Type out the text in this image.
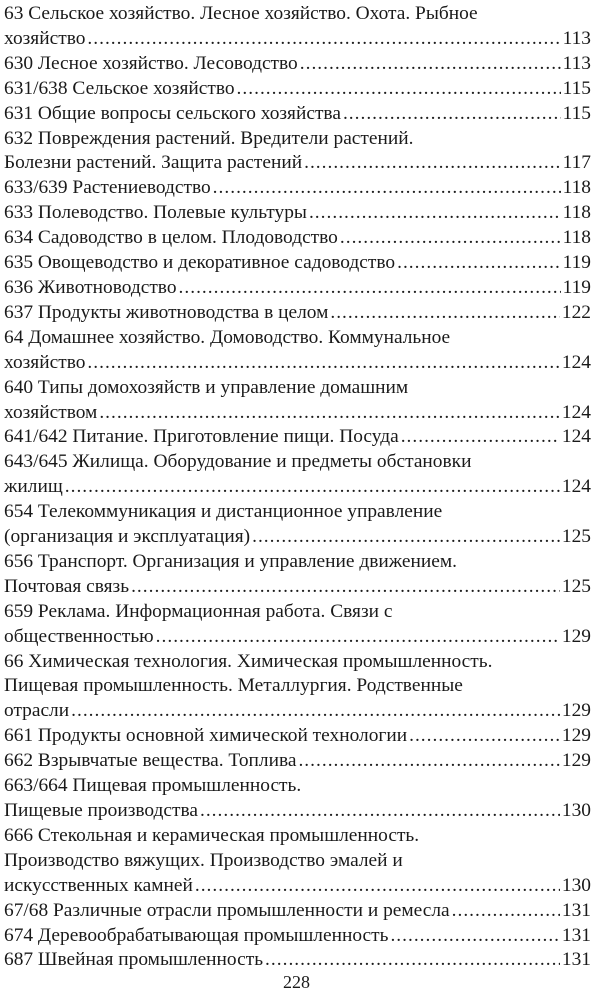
63 Сельское хозяйство. Лесное хозяйство. Охота. Рыбное
хозяйство .....	113
630 Лесное хозяйство. Лесоводство .....	113
631/638 Сельское хозяйство .....	115
631 Общие вопросы сельского хозяйства .....	115
632 Повреждения растений. Вредители растений.
Болезни растений. Защита растений .....	117
633/639 Растениеводство .....	118
633 Полеводство. Полевые культуры .....	118
634 Садоводство в целом. Плодоводство .....	118
635 Овощеводство и декоративное садоводство .....	119
636 Животноводство .....	119
637 Продукты животноводства в целом .....	122
64 Домашнее хозяйство. Домоводство. Коммунальное
хозяйство .....	124
640 Типы домохозяйств и управление домашним
хозяйством .....	124
641/642 Питание. Приготовление пищи. Посуда .....	124
643/645 Жилища. Оборудование и предметы обстановки
жилищ .....	124
654 Телекоммуникация и дистанционное управление
(организация и эксплуатация) .....	125
656 Транспорт. Организация и управление движением.
Почтовая связь .....	125
659 Реклама. Информационная работа. Связи с
общественностью .....	129
66 Химическая технология. Химическая промышленность.
Пищевая промышленность. Металлургия. Родственные
отрасли .....	129
661 Продукты основной химической технологии .....	129
662 Взрывчатые вещества. Топлива .....	129
663/664 Пищевая промышленность.
Пищевые производства .....	130
666 Стекольная и керамическая промышленность.
Производство вяжущих. Производство эмалей и
искусственных камней .....	130
67/68 Различные отрасли промышленности и ремесла .....	131
674 Деревообрабатывающая промышленность .....	131
687 Швейная промышленность .....	131
228
